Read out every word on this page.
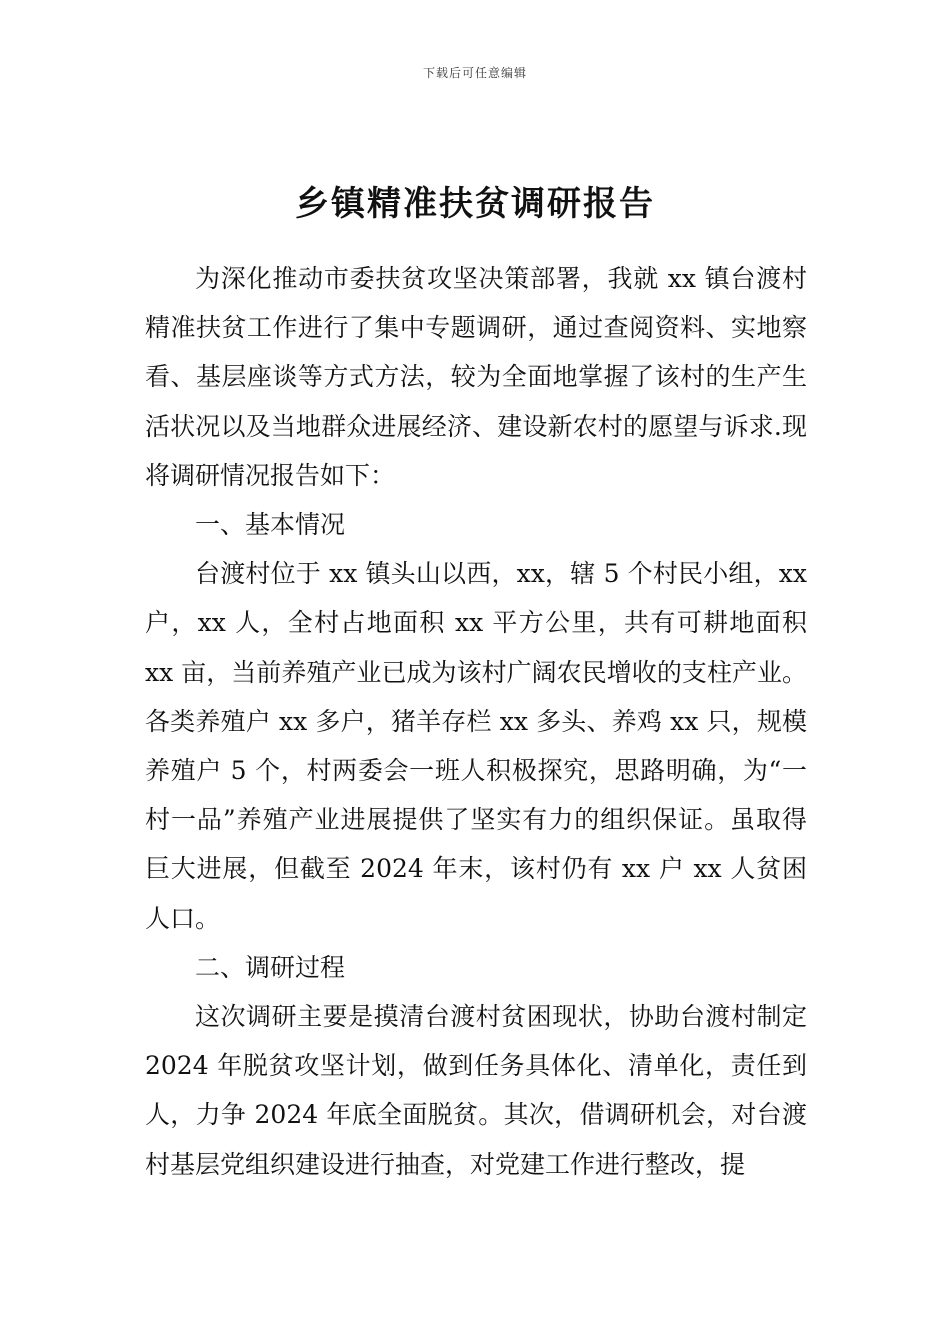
下载后可任意编辑
乡镇精准扶贫调研报告

为深化推动市委扶贫攻坚决策部署，我就 xx 镇台渡村精准扶贫工作进行了集中专题调研，通过查阅资料、实地察看、基层座谈等方式方法，较为全面地掌握了该村的生产生活状况以及当地群众进展经济、建设新农村的愿望与诉求.现将调研情况报告如下：

一、基本情况

台渡村位于 xx 镇头山以西，xx，辖 5 个村民小组，xx 户，xx 人，全村占地面积 xx 平方公里，共有可耕地面积 xx 亩，当前养殖产业已成为该村广阔农民增收的支柱产业。各类养殖户 xx 多户，猪羊存栏 xx 多头、养鸡 xx 只，规模养殖户 5 个，村两委会一班人积极探究，思路明确，为“一村一品”养殖产业进展提供了坚实有力的组织保证。虽取得巨大进展，但截至 2024 年末，该村仍有 xx 户 xx 人贫困人口。

二、调研过程

这次调研主要是摸清台渡村贫困现状，协助台渡村制定 2024 年脱贫攻坚计划，做到任务具体化、清单化，责任到人，力争 2024 年底全面脱贫。其次，借调研机会，对台渡村基层党组织建设进行抽查，对党建工作进行整改，提
